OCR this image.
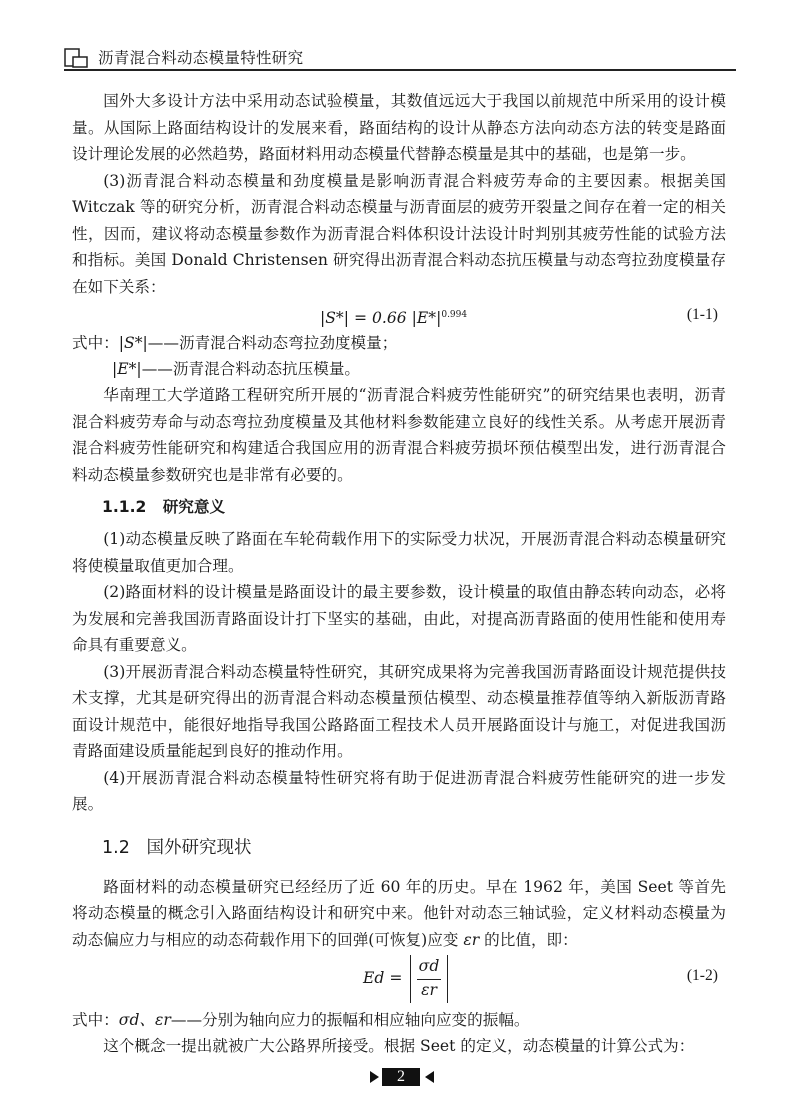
沥青混合料动态模量特性研究

国外大多设计方法中采用动态试验模量，其数值远远大于我国以前规范中所采用的设计模量。从国际上路面结构设计的发展来看，路面结构的设计从静态方法向动态方法的转变是路面设计理论发展的必然趋势，路面材料用动态模量代替静态模量是其中的基础，也是第一步。

(3)沥青混合料动态模量和劲度模量是影响沥青混合料疲劳寿命的主要因素。根据美国 Witczak 等的研究分析，沥青混合料动态模量与沥青面层的疲劳开裂量之间存在着一定的相关性，因而，建议将动态模量参数作为沥青混合料体积设计法设计时判别其疲劳性能的试验方法和指标。美国 Donald Christensen 研究得出沥青混合料动态抗压模量与动态弯拉劲度模量存在如下关系：

|S*| = 0.66 $|E*|^{0.994}$	(1-1)
式中：|S*|——沥青混合料动态弯拉劲度模量；
|E*|——沥青混合料动态抗压模量。

华南理工大学道路工程研究所开展的“沥青混合料疲劳性能研究”的研究结果也表明，沥青混合料疲劳寿命与动态弯拉劲度模量及其他材料参数能建立良好的线性关系。从考虑开展沥青混合料疲劳性能研究和构建适合我国应用的沥青混合料疲劳损坏预估模型出发，进行沥青混合料动态模量参数研究也是非常有必要的。

1.1.2 研究意义

(1)动态模量反映了路面在车轮荷载作用下的实际受力状况，开展沥青混合料动态模量研究将使模量取值更加合理。

(2)路面材料的设计模量是路面设计的最主要参数，设计模量的取值由静态转向动态，必将为发展和完善我国沥青路面设计打下坚实的基础，由此，对提高沥青路面的使用性能和使用寿命具有重要意义。

(3)开展沥青混合料动态模量特性研究，其研究成果将为完善我国沥青路面设计规范提供技术支撑，尤其是研究得出的沥青混合料动态模量预估模型、动态模量推荐值等纳入新版沥青路面设计规范中，能很好地指导我国公路路面工程技术人员开展路面设计与施工，对促进我国沥青路面建设质量能起到良好的推动作用。

(4)开展沥青混合料动态模量特性研究将有助于促进沥青混合料疲劳性能研究的进一步发展。

1.2 国外研究现状

路面材料的动态模量研究已经经历了近 60 年的历史。早在 1962 年，美国 Seet 等首先将动态模量的概念引入路面结构设计和研究中来。他针对动态三轴试验，定义材料动态模量为动态偏应力与相应的动态荷载作用下的回弹(可恢复)应变 εr 的比值，即：

Ed =
σd
εr
(1-2)
式中：σd、εr——分别为轴向应力的振幅和相应轴向应变的振幅。

这个概念一提出就被广大公路界所接受。根据 Seet 的定义，动态模量的计算公式为：

2
